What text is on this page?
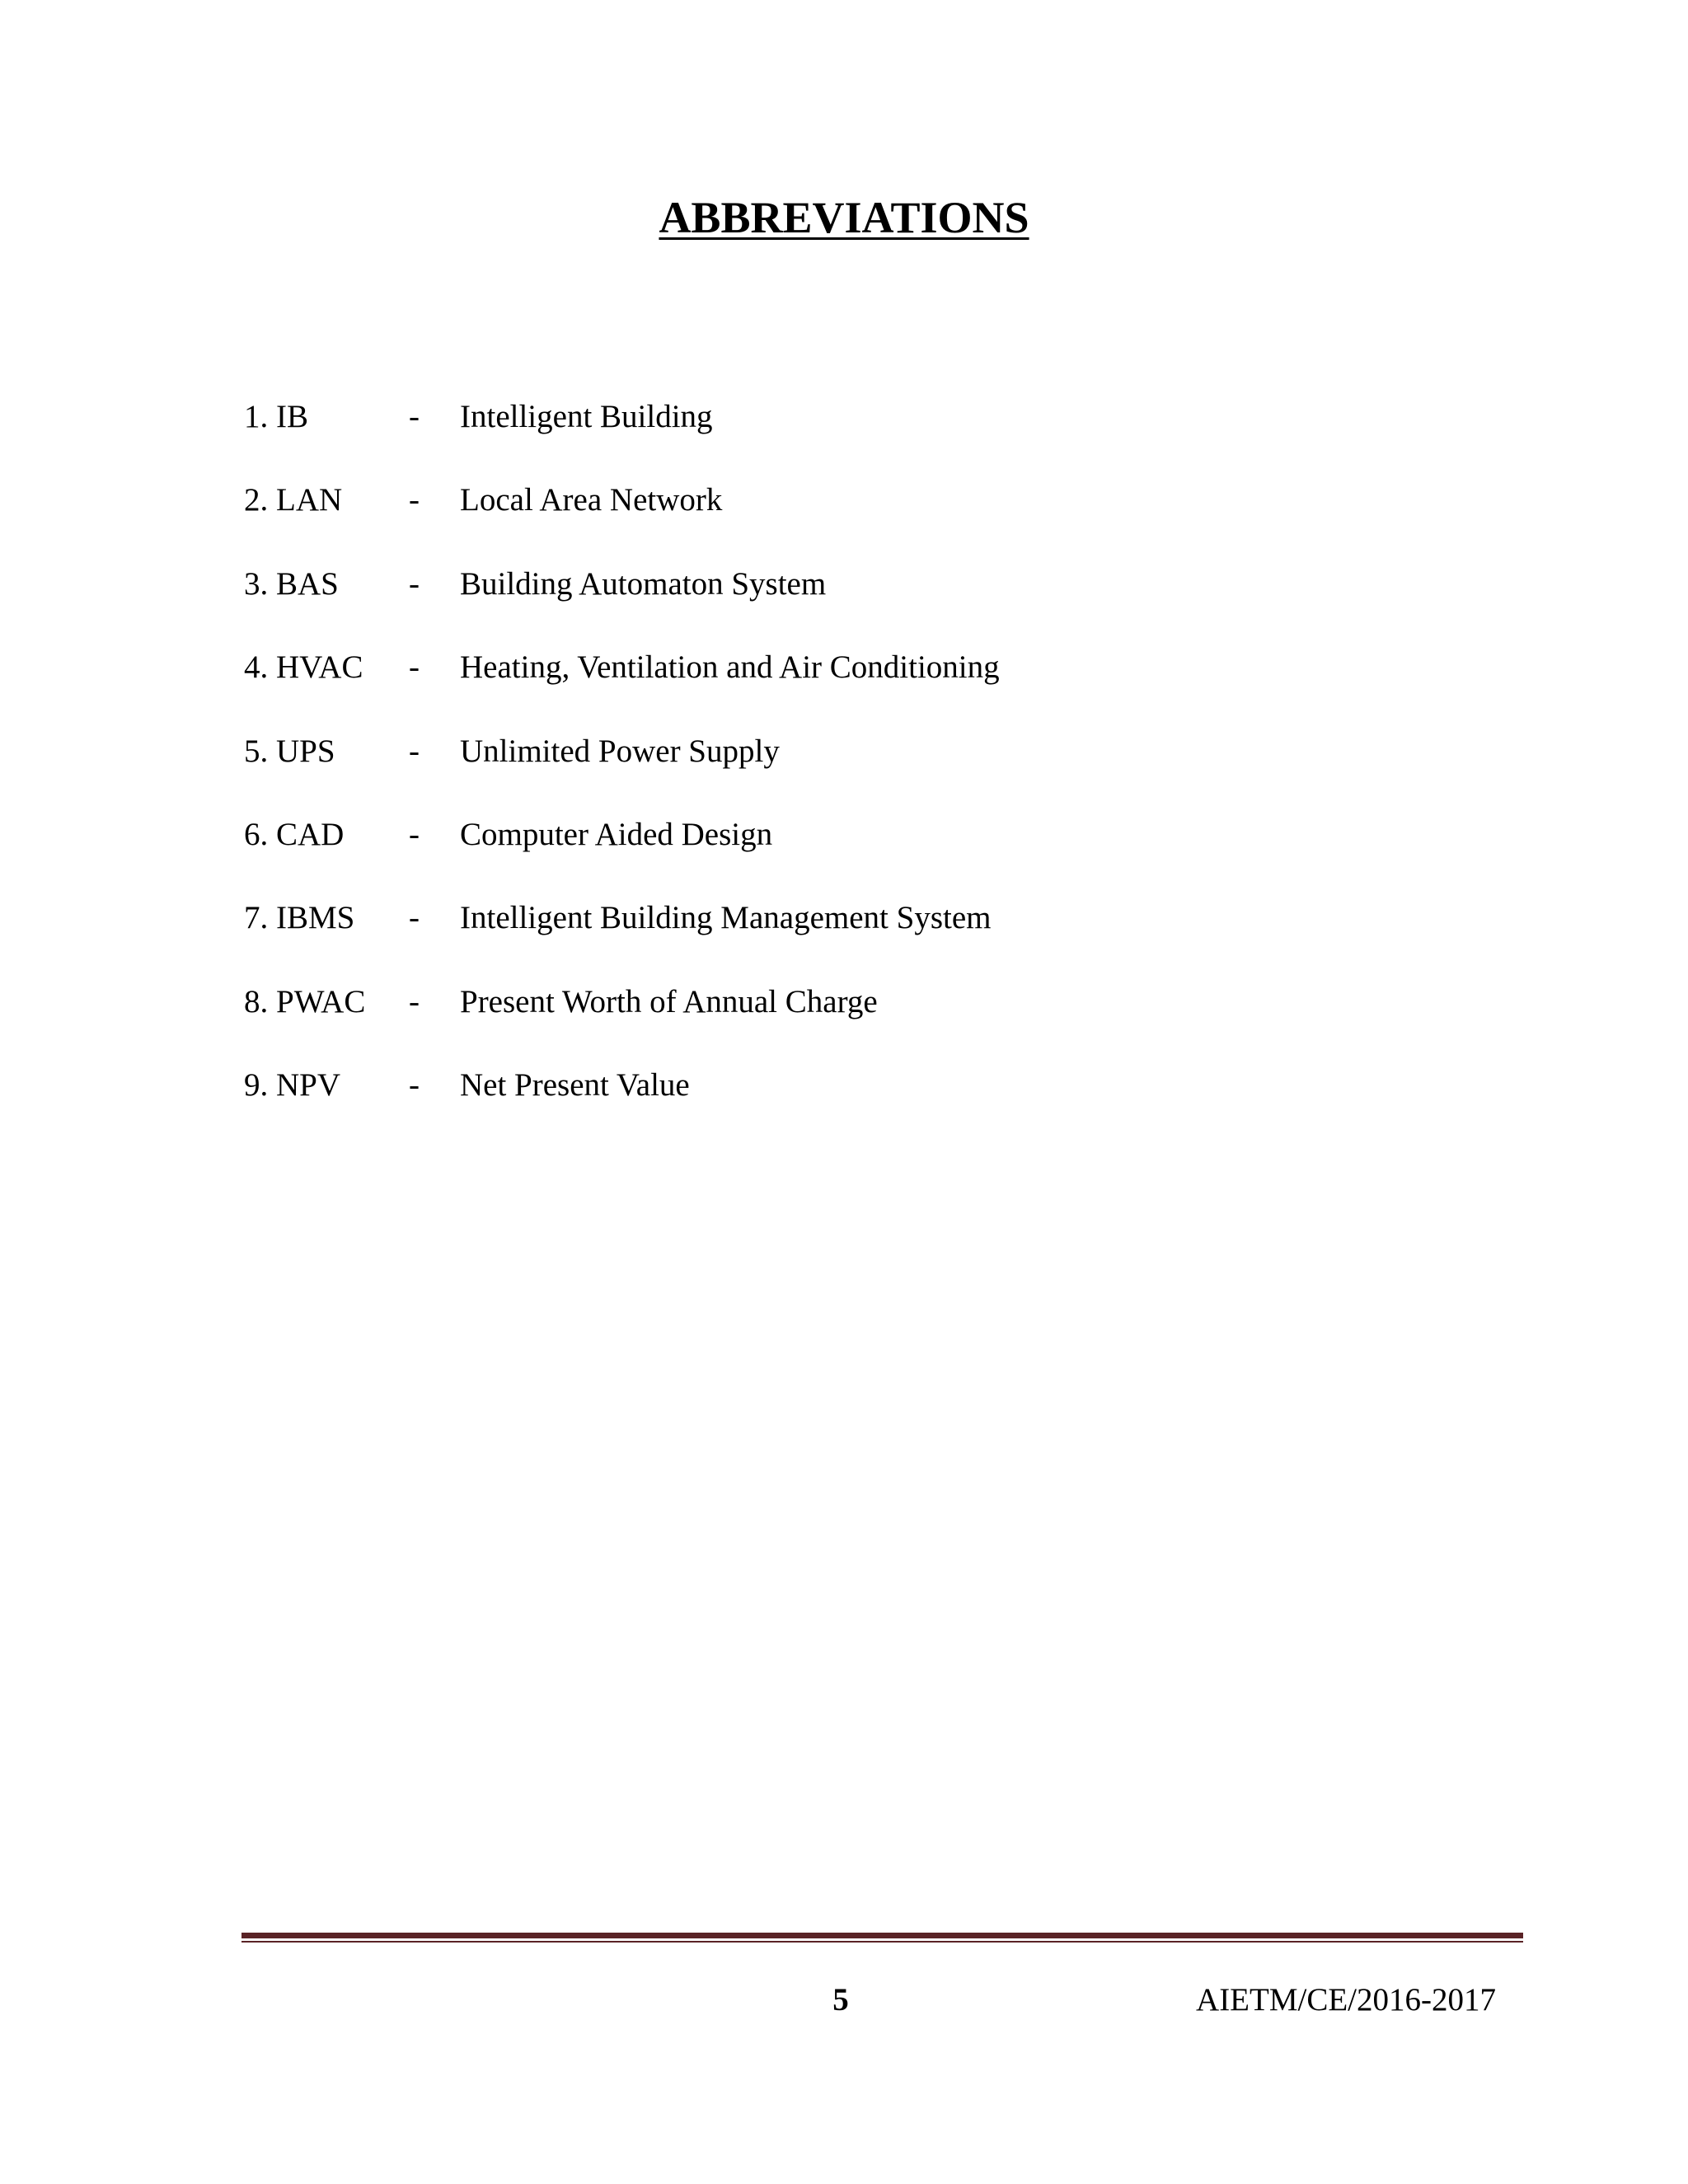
ABBREVIATIONS
1. IB	- Intelligent Building
2. LAN - Local Area Network
3. BAS - Building Automaton System
4. HVAC - Heating, Ventilation and Air Conditioning
5. UPS - Unlimited Power Supply
6. CAD - Computer Aided Design
7. IBMS - Intelligent Building Management System
8. PWAC - Present Worth of Annual Charge
9. NPV - Net Present Value
5	AIETM/CE/2016-2017
